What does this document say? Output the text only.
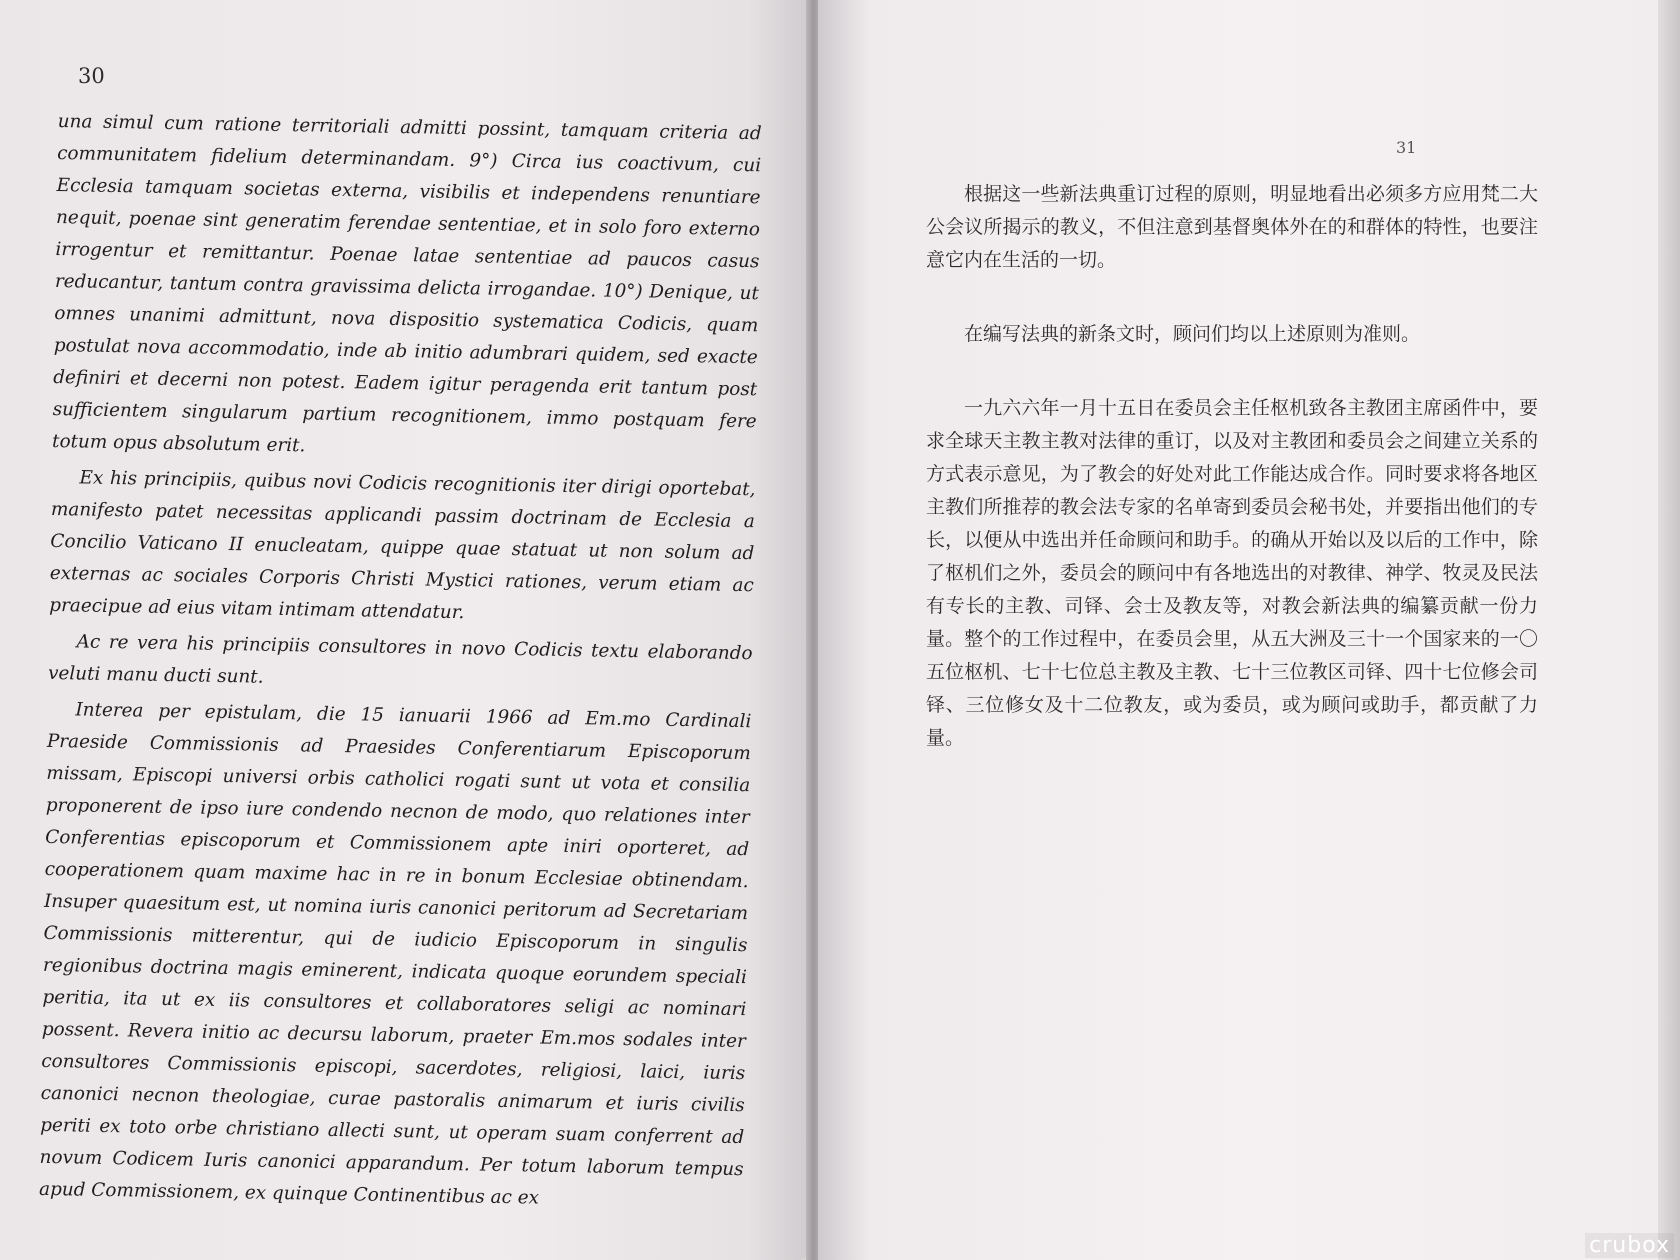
30

una simul cum ratione territoriali admitti possint, tamquam criteria ad communitatem fidelium determinandam. 9°) Circa ius coactivum, cui Ecclesia tamquam societas externa, visibilis et independens renuntiare nequit, poenae sint generatim ferendae sententiae, et in solo foro externo irrogentur et remittantur. Poenae latae sententiae ad paucos casus reducantur, tantum contra gravissima delicta irrogandae. 10°) Denique, ut omnes unanimi admittunt, nova dispositio systematica Codicis, quam postulat nova accommodatio, inde ab initio adumbrari quidem, sed exacte definiri et decerni non potest. Eadem igitur peragenda erit tantum post sufficientem singularum partium recognitionem, immo postquam fere totum opus absolutum erit.

Ex his principiis, quibus novi Codicis recognitionis iter dirigi oportebat, manifesto patet necessitas applicandi passim doctrinam de Ecclesia a Concilio Vaticano II enucleatam, quippe quae statuat ut non solum ad externas ac sociales Corporis Christi Mystici rationes, verum etiam ac praecipue ad eius vitam intimam attendatur.

Ac re vera his principiis consultores in novo Codicis textu elaborando veluti manu ducti sunt.

Interea per epistulam, die 15 ianuarii 1966 ad Em.mo Cardinali Praeside Commissionis ad Praesides Conferentiarum Episcoporum missam, Episcopi universi orbis catholici rogati sunt ut vota et consilia proponerent de ipso iure condendo necnon de modo, quo relationes inter Conferentias episcoporum et Commissionem apte iniri oporteret, ad cooperationem quam maxime hac in re in bonum Ecclesiae obtinendam. Insuper quaesitum est, ut nomina iuris canonici peritorum ad Secretariam Commissionis mitterentur, qui de iudicio Episcoporum in singulis regionibus doctrina magis eminerent, indicata quoque eorundem speciali peritia, ita ut ex iis consultores et collaboratores seligi ac nominari possent. Revera initio ac decursu laborum, praeter Em.mos sodales inter consultores Commissionis episcopi, sacerdotes, religiosi, laici, iuris canonici necnon theologiae, curae pastoralis animarum et iuris civilis periti ex toto orbe christiano allecti sunt, ut operam suam conferrent ad novum Codicem Iuris canonici apparandum. Per totum laborum tempus apud Commissionem, ex quinque Continentibus ac ex

31

根据这一些新法典重订过程的原则，明显地看出必须多方应用梵二大公会议所揭示的教义，不但注意到基督奥体外在的和群体的特性，也要注意它内在生活的一切。

在编写法典的新条文时，顾问们均以上述原则为准则。

一九六六年一月十五日在委员会主任枢机致各主教团主席函件中，要求全球天主教主教对法律的重订，以及对主教团和委员会之间建立关系的方式表示意见，为了教会的好处对此工作能达成合作。同时要求将各地区主教们所推荐的教会法专家的名单寄到委员会秘书处，并要指出他们的专长，以便从中选出并任命顾问和助手。的确从开始以及以后的工作中，除了枢机们之外，委员会的顾问中有各地选出的对教律、神学、牧灵及民法有专长的主教、司铎、会士及教友等，对教会新法典的编纂贡献一份力量。整个的工作过程中，在委员会里，从五大洲及三十一个国家来的一〇五位枢机、七十七位总主教及主教、七十三位教区司铎、四十七位修会司铎、三位修女及十二位教友，或为委员，或为顾问或助手，都贡献了力量。

crubox
